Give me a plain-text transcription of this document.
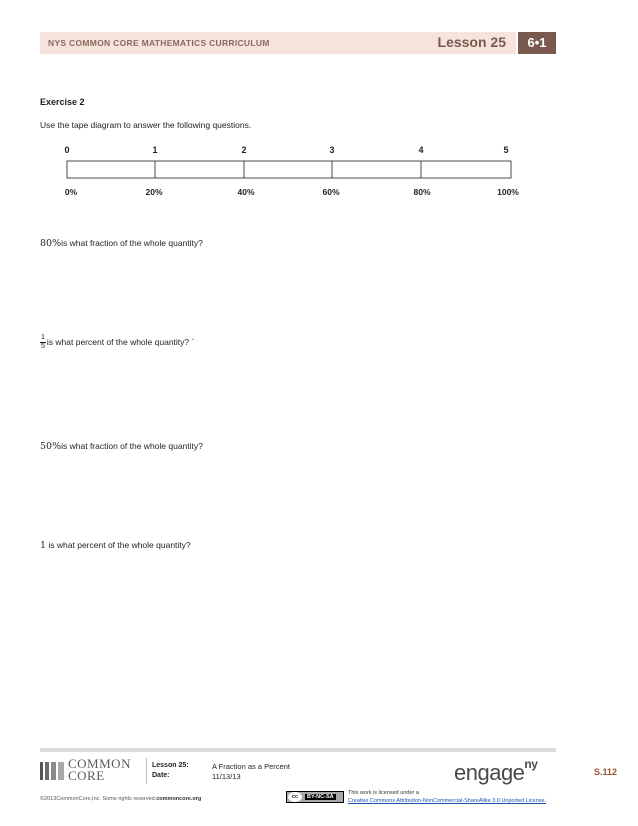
NYS COMMON CORE MATHEMATICS CURRICULUM	Lesson 25	6•1
Exercise 2
Use the tape diagram to answer the following questions.
0	1	2	3	4	5
0%	20%	40%	60%	80%	100%
80%is what fraction of the whole quantity?
$\frac{1}{5}$ is what percent of the whole quantity? `
50%is what fraction of the whole quantity?
1 is what percent of the whole quantity?
COMMON
CORE
Lesson 25:	A Fraction as a Percent
Date:	11/13/13	engage$^{ny}$
S.112
©2013CommonCore,Inc. Some rights reserved.commoncore.org	cc	BY-NC-SA
This work is licensed under a
Creative Commons Attribution-NonCommercial-ShareAlike 3.0 Unported License.
